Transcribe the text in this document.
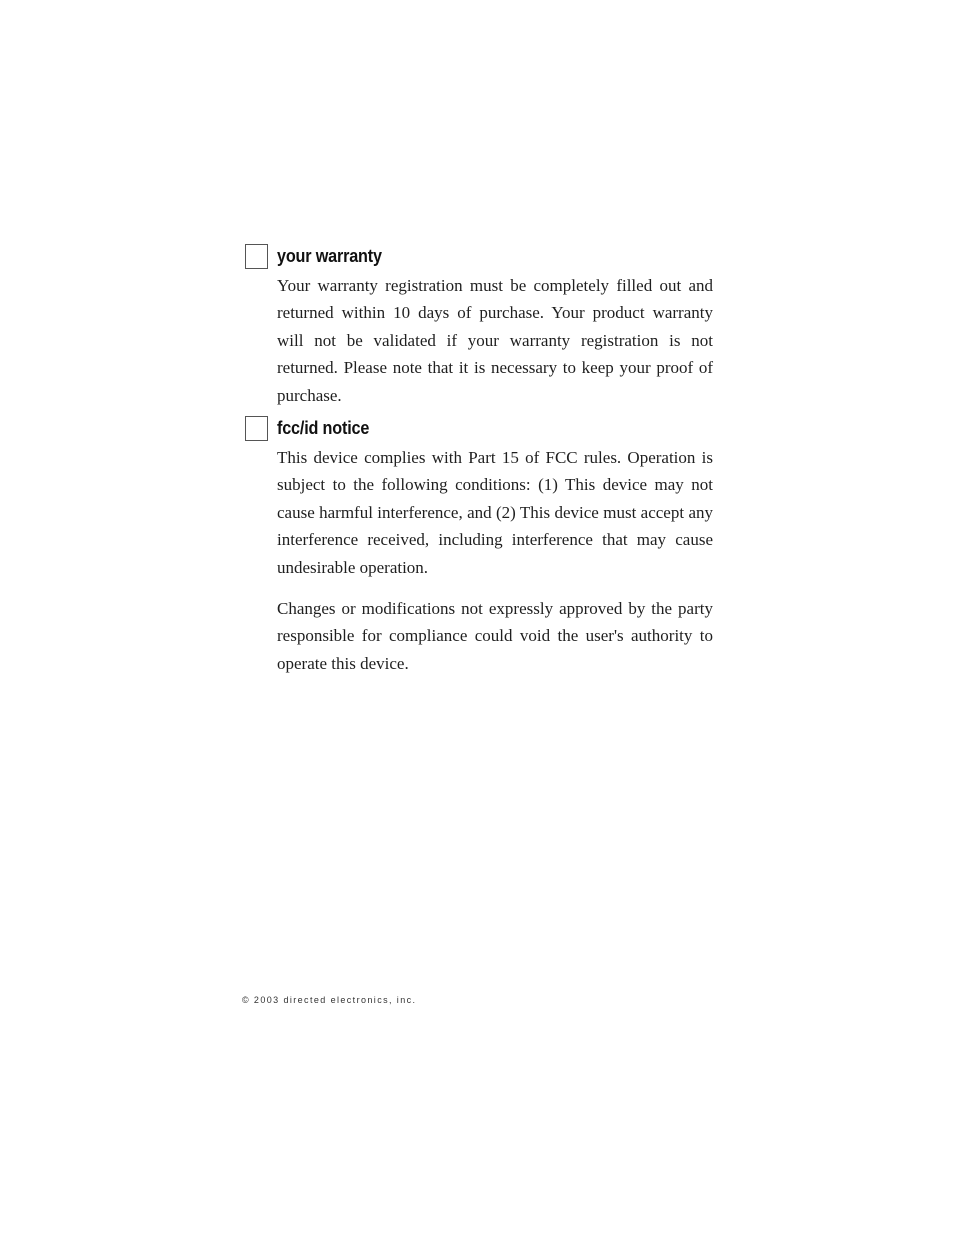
your warranty

Your warranty registration must be completely filled out and returned within 10 days of purchase. Your product warranty will not be validated if your warranty registration is not returned. Please note that it is necessary to keep your proof of purchase.

fcc/id notice

This device complies with Part 15 of FCC rules. Operation is subject to the following conditions: (1) This device may not cause harmful interference, and (2) This device must accept any interference received, including interference that may cause undesirable operation.

Changes or modifications not expressly approved by the party responsible for compliance could void the user's authority to operate this device.

© 2003 directed electronics, inc.
